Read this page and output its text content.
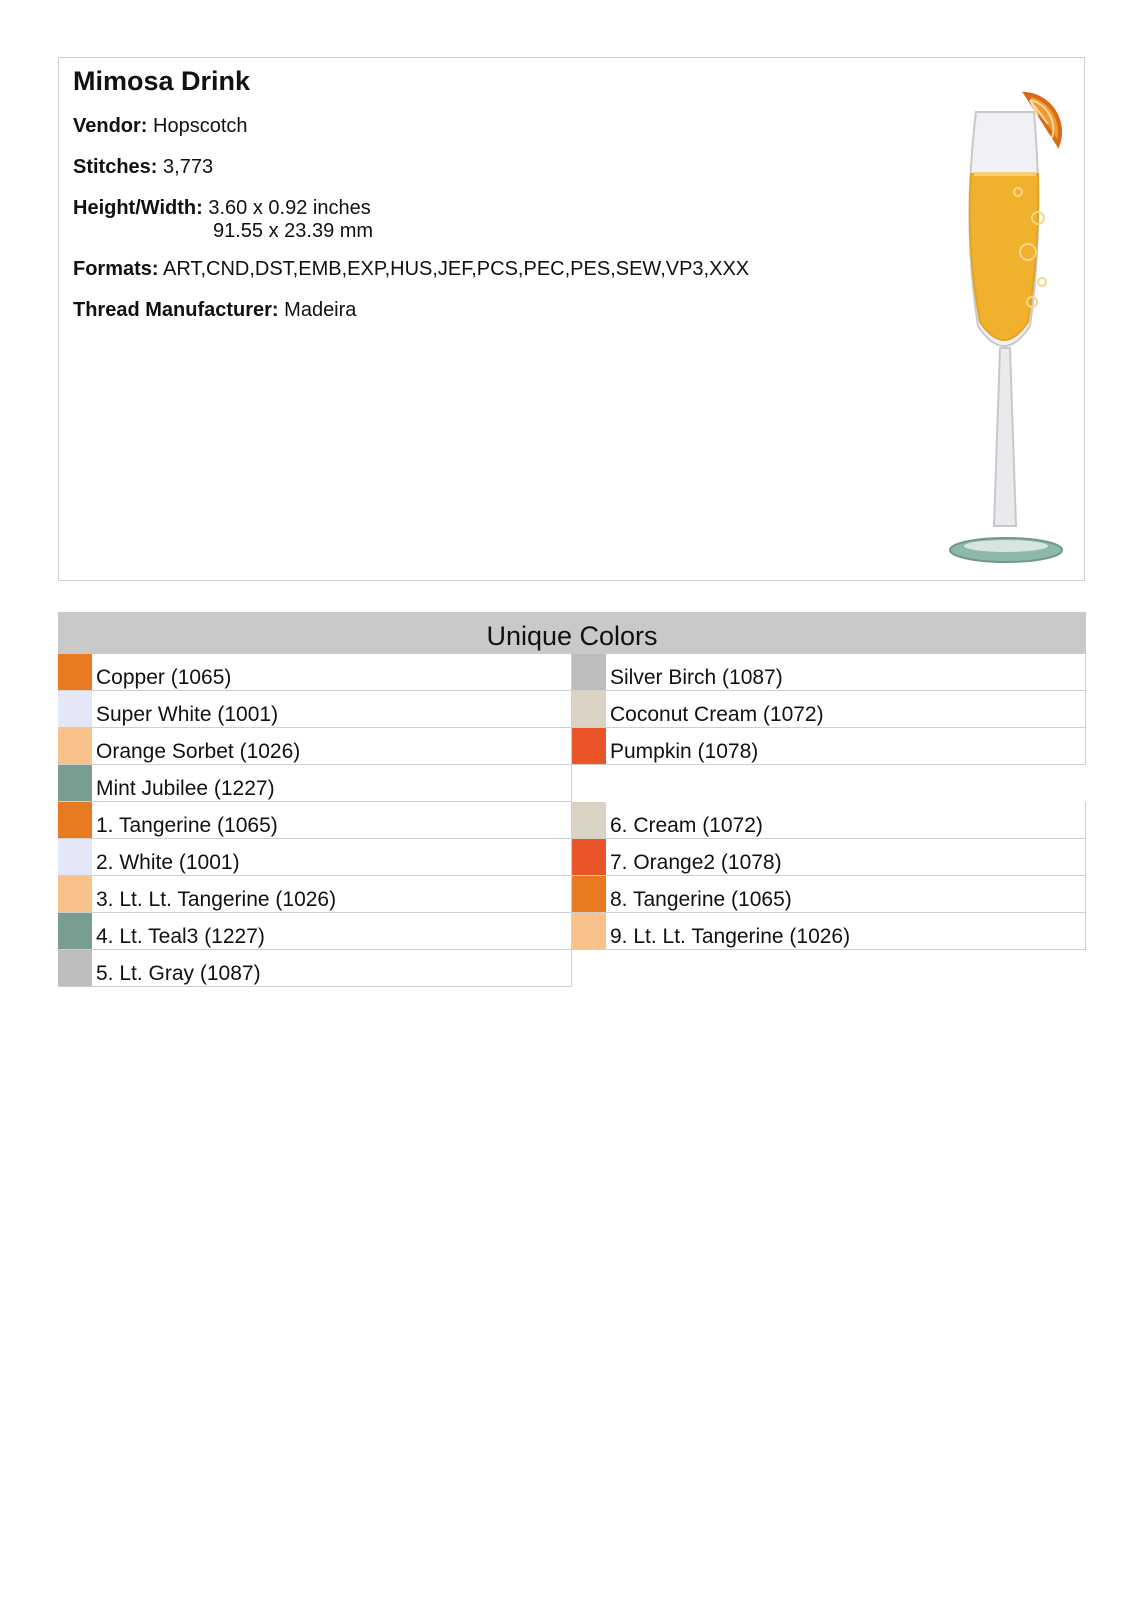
Mimosa Drink
Vendor: Hopscotch
Stitches: 3,773
Height/Width: 3.60 x 0.92 inches
91.55 x 23.39 mm
Formats: ART,CND,DST,EMB,EXP,HUS,JEF,PCS,PEC,PES,SEW,VP3,XXX
Thread Manufacturer: Madeira
Unique Colors
Copper (1065)
Super White (1001)
Orange Sorbet (1026)
Mint Jubilee (1227)
Silver Birch (1087)
Coconut Cream (1072)
Pumpkin (1078)
1. Tangerine (1065)
2. White (1001)
3. Lt. Lt. Tangerine (1026)
4. Lt. Teal3 (1227)
5. Lt. Gray (1087)
6. Cream (1072)
7. Orange2 (1078)
8. Tangerine (1065)
9. Lt. Lt. Tangerine (1026)
